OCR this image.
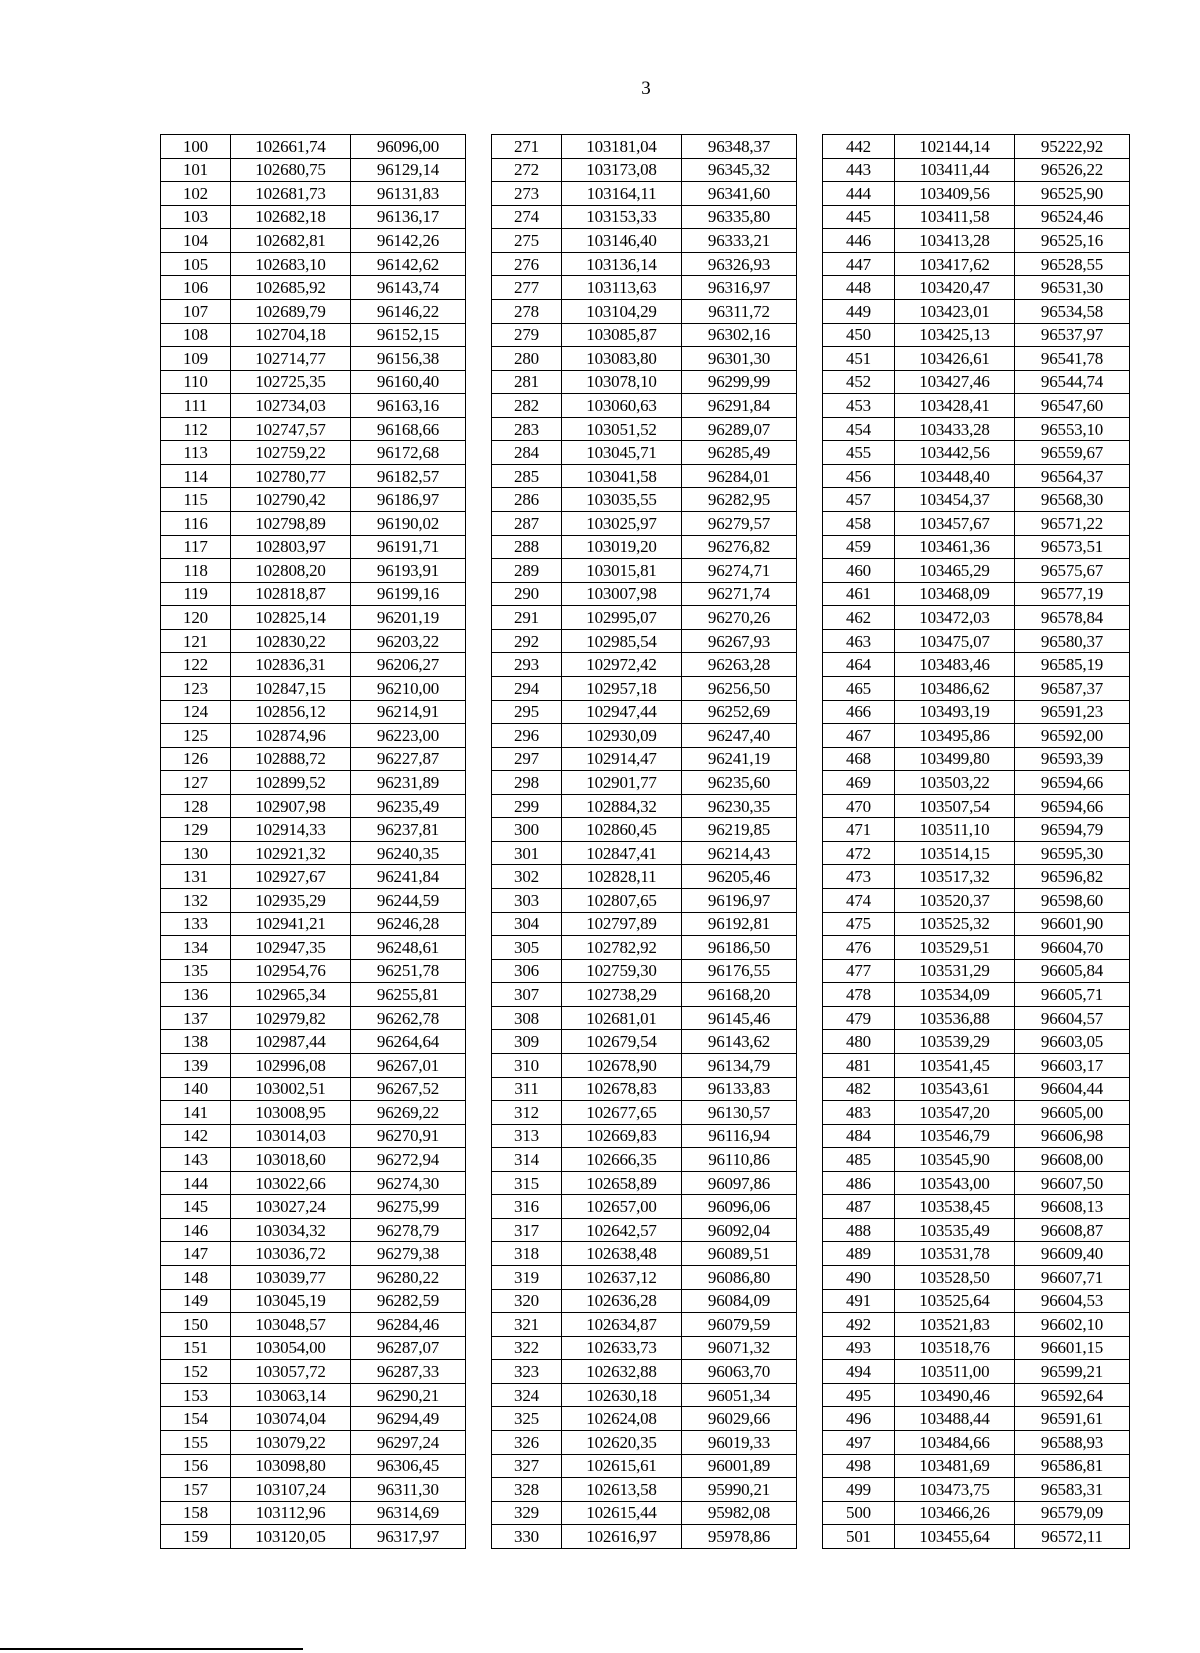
3
100	102661,74	96096,00		271	103181,04	96348,37		442	102144,14	95222,92
101	102680,75	96129,14		272	103173,08	96345,32		443	103411,44	96526,22
102	102681,73	96131,83		273	103164,11	96341,60		444	103409,56	96525,90
103	102682,18	96136,17		274	103153,33	96335,80		445	103411,58	96524,46
104	102682,81	96142,26		275	103146,40	96333,21		446	103413,28	96525,16
105	102683,10	96142,62		276	103136,14	96326,93		447	103417,62	96528,55
106	102685,92	96143,74		277	103113,63	96316,97		448	103420,47	96531,30
107	102689,79	96146,22		278	103104,29	96311,72		449	103423,01	96534,58
108	102704,18	96152,15		279	103085,87	96302,16		450	103425,13	96537,97
109	102714,77	96156,38		280	103083,80	96301,30		451	103426,61	96541,78
110	102725,35	96160,40		281	103078,10	96299,99		452	103427,46	96544,74
111	102734,03	96163,16		282	103060,63	96291,84		453	103428,41	96547,60
112	102747,57	96168,66		283	103051,52	96289,07		454	103433,28	96553,10
113	102759,22	96172,68		284	103045,71	96285,49		455	103442,56	96559,67
114	102780,77	96182,57		285	103041,58	96284,01		456	103448,40	96564,37
115	102790,42	96186,97		286	103035,55	96282,95		457	103454,37	96568,30
116	102798,89	96190,02		287	103025,97	96279,57		458	103457,67	96571,22
117	102803,97	96191,71		288	103019,20	96276,82		459	103461,36	96573,51
118	102808,20	96193,91		289	103015,81	96274,71		460	103465,29	96575,67
119	102818,87	96199,16		290	103007,98	96271,74		461	103468,09	96577,19
120	102825,14	96201,19		291	102995,07	96270,26		462	103472,03	96578,84
121	102830,22	96203,22		292	102985,54	96267,93		463	103475,07	96580,37
122	102836,31	96206,27		293	102972,42	96263,28		464	103483,46	96585,19
123	102847,15	96210,00		294	102957,18	96256,50		465	103486,62	96587,37
124	102856,12	96214,91		295	102947,44	96252,69		466	103493,19	96591,23
125	102874,96	96223,00		296	102930,09	96247,40		467	103495,86	96592,00
126	102888,72	96227,87		297	102914,47	96241,19		468	103499,80	96593,39
127	102899,52	96231,89		298	102901,77	96235,60		469	103503,22	96594,66
128	102907,98	96235,49		299	102884,32	96230,35		470	103507,54	96594,66
129	102914,33	96237,81		300	102860,45	96219,85		471	103511,10	96594,79
130	102921,32	96240,35		301	102847,41	96214,43		472	103514,15	96595,30
131	102927,67	96241,84		302	102828,11	96205,46		473	103517,32	96596,82
132	102935,29	96244,59		303	102807,65	96196,97		474	103520,37	96598,60
133	102941,21	96246,28		304	102797,89	96192,81		475	103525,32	96601,90
134	102947,35	96248,61		305	102782,92	96186,50		476	103529,51	96604,70
135	102954,76	96251,78		306	102759,30	96176,55		477	103531,29	96605,84
136	102965,34	96255,81		307	102738,29	96168,20		478	103534,09	96605,71
137	102979,82	96262,78		308	102681,01	96145,46		479	103536,88	96604,57
138	102987,44	96264,64		309	102679,54	96143,62		480	103539,29	96603,05
139	102996,08	96267,01		310	102678,90	96134,79		481	103541,45	96603,17
140	103002,51	96267,52		311	102678,83	96133,83		482	103543,61	96604,44
141	103008,95	96269,22		312	102677,65	96130,57		483	103547,20	96605,00
142	103014,03	96270,91		313	102669,83	96116,94		484	103546,79	96606,98
143	103018,60	96272,94		314	102666,35	96110,86		485	103545,90	96608,00
144	103022,66	96274,30		315	102658,89	96097,86		486	103543,00	96607,50
145	103027,24	96275,99		316	102657,00	96096,06		487	103538,45	96608,13
146	103034,32	96278,79		317	102642,57	96092,04		488	103535,49	96608,87
147	103036,72	96279,38		318	102638,48	96089,51		489	103531,78	96609,40
148	103039,77	96280,22		319	102637,12	96086,80		490	103528,50	96607,71
149	103045,19	96282,59		320	102636,28	96084,09		491	103525,64	96604,53
150	103048,57	96284,46		321	102634,87	96079,59		492	103521,83	96602,10
151	103054,00	96287,07		322	102633,73	96071,32		493	103518,76	96601,15
152	103057,72	96287,33		323	102632,88	96063,70		494	103511,00	96599,21
153	103063,14	96290,21		324	102630,18	96051,34		495	103490,46	96592,64
154	103074,04	96294,49		325	102624,08	96029,66		496	103488,44	96591,61
155	103079,22	96297,24		326	102620,35	96019,33		497	103484,66	96588,93
156	103098,80	96306,45		327	102615,61	96001,89		498	103481,69	96586,81
157	103107,24	96311,30		328	102613,58	95990,21		499	103473,75	96583,31
158	103112,96	96314,69		329	102615,44	95982,08		500	103466,26	96579,09
159	103120,05	96317,97		330	102616,97	95978,86		501	103455,64	96572,11
